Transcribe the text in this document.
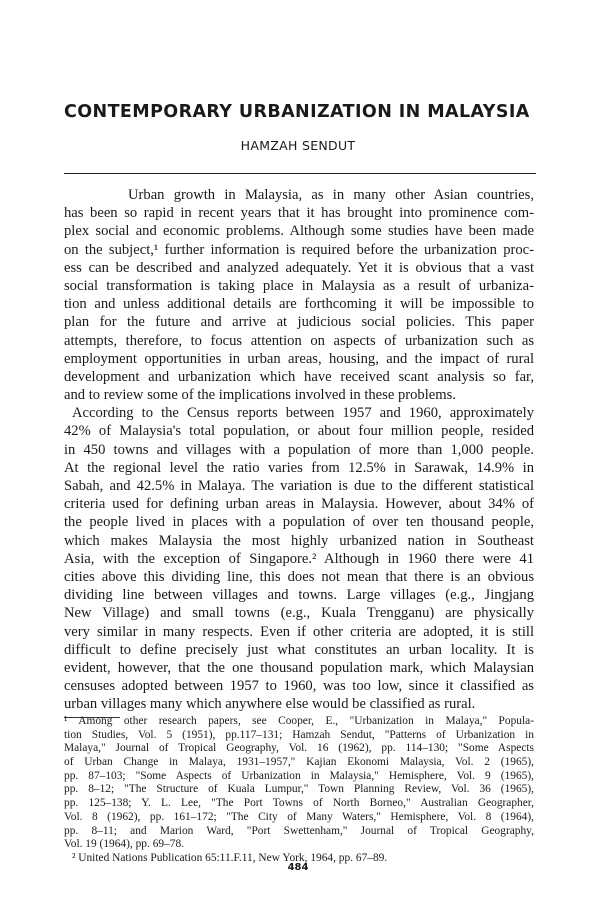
CONTEMPORARY URBANIZATION IN MALAYSIA
HAMZAH SENDUT
Urban growth in Malaysia, as in many other Asian countries,
has been so rapid in recent years that it has brought into prominence com-
plex social and economic problems. Although some studies have been made
on the subject,¹ further information is required before the urbanization proc-
ess can be described and analyzed adequately. Yet it is obvious that a vast
social transformation is taking place in Malaysia as a result of urbaniza-
tion and unless additional details are forthcoming it will be impossible to
plan for the future and arrive at judicious social policies. This paper
attempts, therefore, to focus attention on aspects of urbanization such as
employment opportunities in urban areas, housing, and the impact of rural
development and urbanization which have received scant analysis so far,
and to review some of the implications involved in these problems.
According to the Census reports between 1957 and 1960, approximately
42% of Malaysia's total population, or about four million people, resided
in 450 towns and villages with a population of more than 1,000 people.
At the regional level the ratio varies from 12.5% in Sarawak, 14.9% in
Sabah, and 42.5% in Malaya. The variation is due to the different statistical
criteria used for defining urban areas in Malaysia. However, about 34% of
the people lived in places with a population of over ten thousand people,
which makes Malaysia the most highly urbanized nation in Southeast
Asia, with the exception of Singapore.² Although in 1960 there were 41
cities above this dividing line, this does not mean that there is an obvious
dividing line between villages and towns. Large villages (e.g., Jingjang
New Village) and small towns (e.g., Kuala Trengganu) are physically
very similar in many respects. Even if other criteria are adopted, it is still
difficult to define precisely just what constitutes an urban locality. It is
evident, however, that the one thousand population mark, which Malaysian
censuses adopted between 1957 to 1960, was too low, since it classified as
urban villages many which anywhere else would be classified as rural.
¹ Among other research papers, see Cooper, E., "Urbanization in Malaya," Popula-
tion Studies, Vol. 5 (1951), pp.117–131; Hamzah Sendut, "Patterns of Urbanization in
Malaya," Journal of Tropical Geography, Vol. 16 (1962), pp. 114–130; "Some Aspects
of Urban Change in Malaya, 1931–1957," Kajian Ekonomi Malaysia, Vol. 2 (1965),
pp. 87–103; "Some Aspects of Urbanization in Malaysia," Hemisphere, Vol. 9 (1965),
pp. 8–12; "The Structure of Kuala Lumpur," Town Planning Review, Vol. 36 (1965),
pp. 125–138; Y. L. Lee, "The Port Towns of North Borneo," Australian Geographer,
Vol. 8 (1962), pp. 161–172; "The City of Many Waters," Hemisphere, Vol. 8 (1964),
pp. 8–11; and Marion Ward, "Port Swettenham," Journal of Tropical Geography,
Vol. 19 (1964), pp. 69–78.
² United Nations Publication 65:11.F.11, New York, 1964, pp. 67–89.
484
